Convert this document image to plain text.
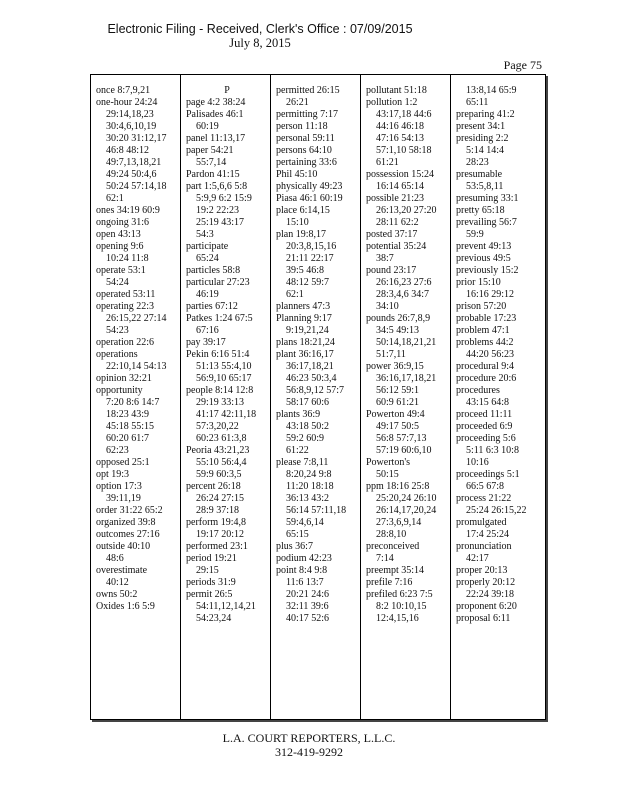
Electronic Filing - Received, Clerk's Office : 07/09/2015
July 8, 2015
Page 75
once 8:7,9,21
one-hour 24:24
29:14,18,23
30:4,6,10,19
30:20 31:12,17
46:8 48:12
49:7,13,18,21
49:24 50:4,6
50:24 57:14,18
62:1
ones 34:19 60:9
ongoing 31:6
open 43:13
opening 9:6
10:24 11:8
operate 53:1
54:24
operated 53:11
operating 22:3
26:15,22 27:14
54:23
operation 22:6
operations
22:10,14 54:13
opinion 32:21
opportunity
7:20 8:6 14:7
18:23 43:9
45:18 55:15
60:20 61:7
62:23
opposed 25:1
opt 19:3
option 17:3
39:11,19
order 31:22 65:2
organized 39:8
outcomes 27:16
outside 40:10
48:6
overestimate
40:12
owns 50:2
Oxides 1:6 5:9
P
page 4:2 38:24
Palisades 46:1
60:19
panel 11:13,17
paper 54:21
55:7,14
Pardon 41:15
part 1:5,6,6 5:8
5:9,9 6:2 15:9
19:2 22:23
25:19 43:17
54:3
participate
65:24
particles 58:8
particular 27:23
46:19
parties 67:12
Patkes 1:24 67:5
67:16
pay 39:17
Pekin 6:16 51:4
51:13 55:4,10
56:9,10 65:17
people 8:14 12:8
29:19 33:13
41:17 42:11,18
57:3,20,22
60:23 61:3,8
Peoria 43:21,23
55:10 56:4,4
59:9 60:3,5
percent 26:18
26:24 27:15
28:9 37:18
perform 19:4,8
19:17 20:12
performed 23:1
period 19:21
29:15
periods 31:9
permit 26:5
54:11,12,14,21
54:23,24
permitted 26:15
26:21
permitting 7:17
person 11:18
personal 59:11
persons 64:10
pertaining 33:6
Phil 45:10
physically 49:23
Piasa 46:1 60:19
place 6:14,15
15:10
plan 19:8,17
20:3,8,15,16
21:11 22:17
39:5 46:8
48:12 59:7
62:1
planners 47:3
Planning 9:17
9:19,21,24
plans 18:21,24
plant 36:16,17
36:17,18,21
46:23 50:3,4
56:8,9,12 57:7
58:17 60:6
plants 36:9
43:18 50:2
59:2 60:9
61:22
please 7:8,11
8:20,24 9:8
11:20 18:18
36:13 43:2
56:14 57:11,18
59:4,6,14
65:15
plus 36:7
podium 42:23
point 8:4 9:8
11:6 13:7
20:21 24:6
32:11 39:6
40:17 52:6
pollutant 51:18
pollution 1:2
43:17,18 44:6
44:16 46:18
47:16 54:13
57:1,10 58:18
61:21
possession 15:24
16:14 65:14
possible 21:23
26:13,20 27:20
28:11 62:2
posted 37:17
potential 35:24
38:7
pound 23:17
26:16,23 27:6
28:3,4,6 34:7
34:10
pounds 26:7,8,9
34:5 49:13
50:14,18,21,21
51:7,11
power 36:9,15
36:16,17,18,21
56:12 59:1
60:9 61:21
Powerton 49:4
49:17 50:5
56:8 57:7,13
57:19 60:6,10
Powerton's
50:15
ppm 18:16 25:8
25:20,24 26:10
26:14,17,20,24
27:3,6,9,14
28:8,10
preconceived
7:14
preempt 35:14
prefile 7:16
prefiled 6:23 7:5
8:2 10:10,15
12:4,15,16
13:8,14 65:9
65:11
preparing 41:2
present 34:1
presiding 2:2
5:14 14:4
28:23
presumable
53:5,8,11
presuming 33:1
pretty 65:18
prevailing 56:7
59:9
prevent 49:13
previous 49:5
previously 15:2
prior 15:10
16:16 29:12
prison 57:20
probable 17:23
problem 47:1
problems 44:2
44:20 56:23
procedural 9:4
procedure 20:6
procedures
43:15 64:8
proceed 11:11
proceeded 6:9
proceeding 5:6
5:11 6:3 10:8
10:16
proceedings 5:1
66:5 67:8
process 21:22
25:24 26:15,22
promulgated
17:4 25:24
pronunciation
42:17
proper 20:13
properly 20:12
22:24 39:18
proponent 6:20
proposal 6:11
L.A. COURT REPORTERS, L.L.C.
312-419-9292
